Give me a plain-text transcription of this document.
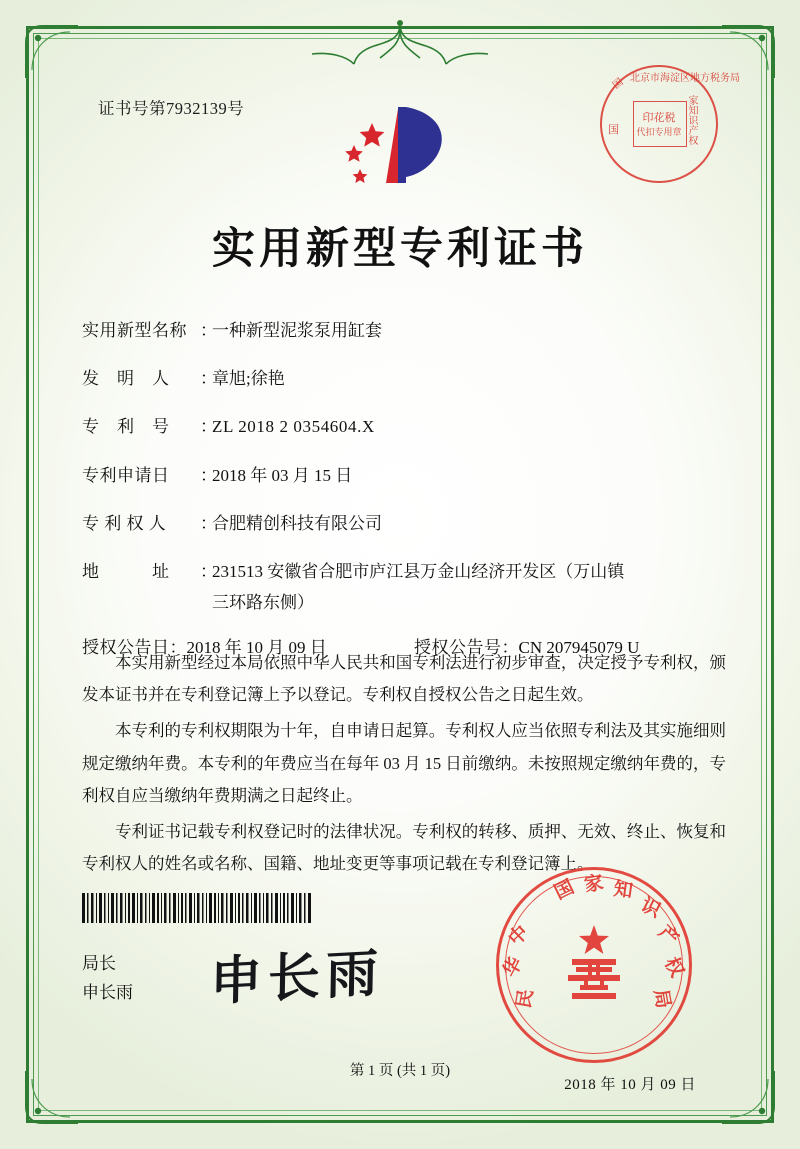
证书号第7932139号
国 北京市海淀区地方税务局
印花税
代扣专用章
国	家知识产权
实用新型专利证书
实用新型名称 ：
一种新型泥浆泵用缸套
发　明　人	：
章旭;徐艳
专　利　号	：
ZL 2018 2 0354604.X
专利申请日	：
2018 年 03 月 15 日
专 利 权 人	：
合肥精创科技有限公司
地　　　址	：
231513 安徽省合肥市庐江县万金山经济开发区（万山镇
三环路东侧）
授权公告日 ： 2018 年 10 月 09 日	授权公告号 ： CN 207945079 U

本实用新型经过本局依照中华人民共和国专利法进行初步审查，决定授予专利权，颁发本证书并在专利登记簿上予以登记。专利权自授权公告之日起生效。

本专利的专利权期限为十年，自申请日起算。专利权人应当依照专利法及其实施细则规定缴纳年费。本专利的年费应当在每年 03 月 15 日前缴纳。未按照规定缴纳年费的，专利权自应当缴纳年费期满之日起终止。

专利证书记载专利权登记时的法律状况。专利权的转移、质押、无效、终止、恢复和专利权人的姓名或名称、国籍、地址变更等事项记载在专利登记簿上。

局长
申长雨 申长雨
国 家 知
识
产
权
局
中
华
民
2018 年 10 月 09 日
第 1 页 (共 1 页)
